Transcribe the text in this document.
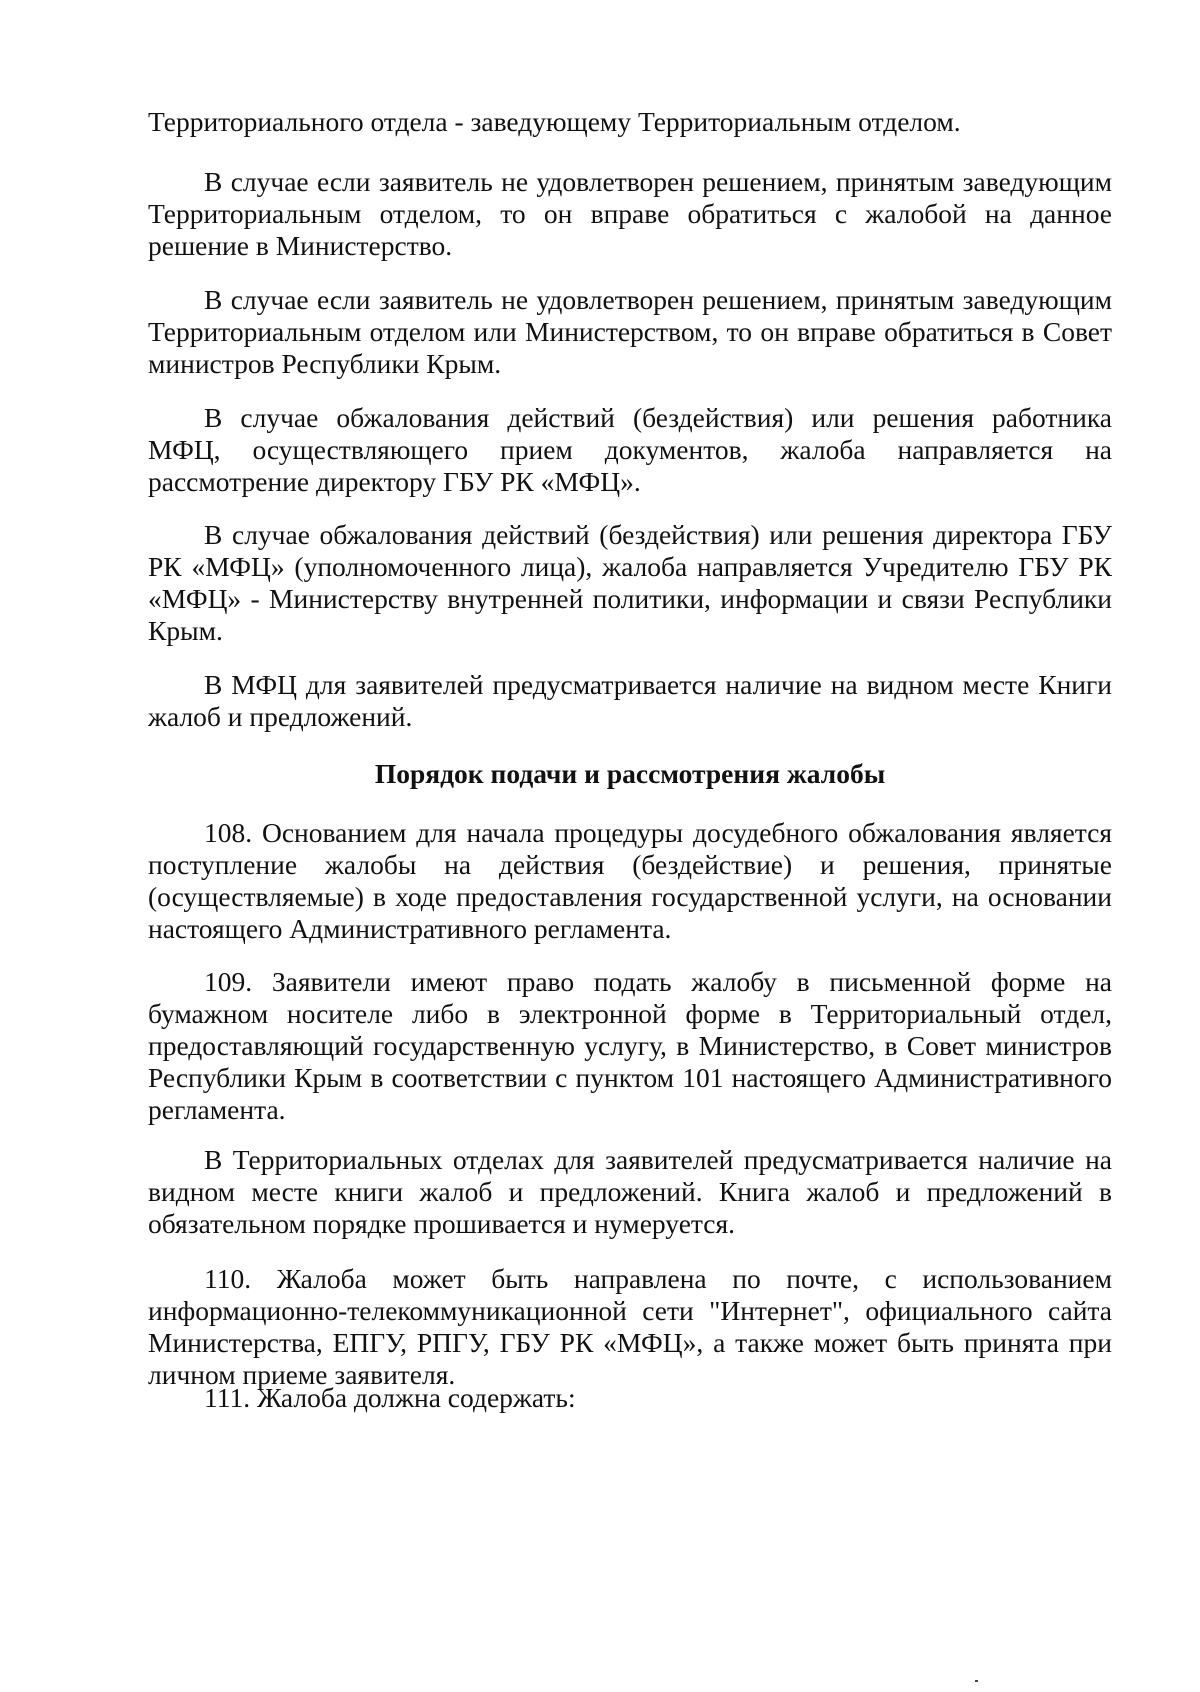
Территориального отдела - заведующему Территориальным отделом.

В случае если заявитель не удовлетворен решением, принятым заведующим Территориальным отделом, то он вправе обратиться с жалобой на данное решение в Министерство.

В случае если заявитель не удовлетворен решением, принятым заведующим Территориальным отделом или Министерством, то он вправе обратиться в Совет министров Республики Крым.

В случае обжалования действий (бездействия) или решения работника МФЦ, осуществляющего прием документов, жалоба направляется на рассмотрение директору ГБУ РК «МФЦ».

В случае обжалования действий (бездействия) или решения директора ГБУ РК «МФЦ» (уполномоченного лица), жалоба направляется Учредителю ГБУ РК «МФЦ» - Министерству внутренней политики, информации и связи Республики Крым.

В МФЦ для заявителей предусматривается наличие на видном месте Книги жалоб и предложений.

Порядок подачи и рассмотрения жалобы

108. Основанием для начала процедуры досудебного обжалования является поступление жалобы на действия (бездействие) и решения, принятые (осуществляемые) в ходе предоставления государственной услуги, на основании настоящего Административного регламента.

109. Заявители имеют право подать жалобу в письменной форме на бумажном носителе либо в электронной форме в Территориальный отдел, предоставляющий государственную услугу, в Министерство, в Совет министров Республики Крым в соответствии с пунктом 101 настоящего Административного регламента.

В Территориальных отделах для заявителей предусматривается наличие на видном месте книги жалоб и предложений. Книга жалоб и предложений в обязательном порядке прошивается и нумеруется.

110. Жалоба может быть направлена по почте, с использованием информационно-телекоммуникационной сети "Интернет", официального сайта Министерства, ЕПГУ, РПГУ, ГБУ РК «МФЦ», а также может быть принята при личном приеме заявителя.

111. Жалоба должна содержать:
